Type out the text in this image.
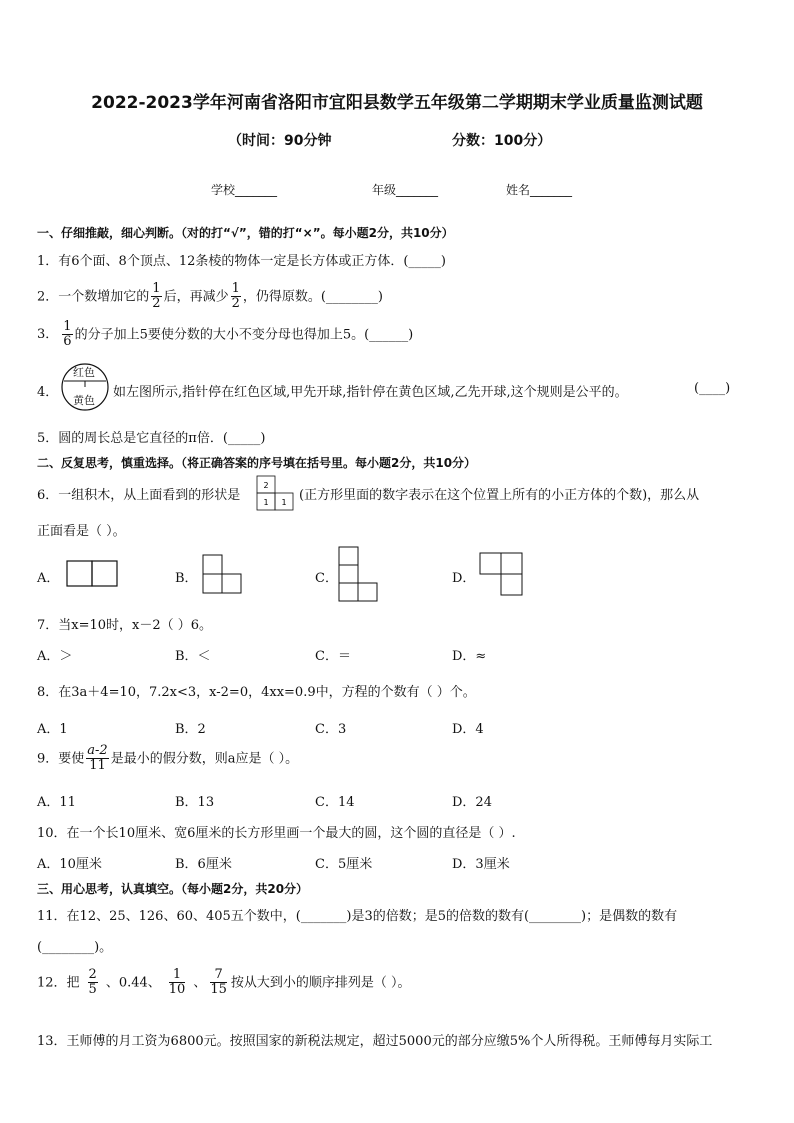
2022-2023学年河南省洛阳市宜阳县数学五年级第二学期期末学业质量监测试题
（时间：90分钟	分数：100分）
学校_______	年级_______	姓名_______
一、仔细推敲，细心判断。（对的打“√”，错的打“×”。每小题2分，共10分）
1．有6个面、8个顶点、12条棱的物体一定是长方体或正方体．(_____)
2．一个数增加它的 $\frac{1}{2}$ 后，再减少 $\frac{1}{2}$ ，仍得原数。(________)
3． $\frac{1}{6}$ 的分子加上5要使分数的大小不变分母也得加上5。(______)
4．
红色
黄色
如左图所示,指针停在红色区域,甲先开球,指针停在黄色区域,乙先开球,这个规则是公平的。	(____)
5．圆的周长总是它直径的π倍．(_____)
二、反复思考，慎重选择。（将正确答案的序号填在括号里。每小题2分，共10分）
6．一组积木，从上面看到的形状是
2
1 1 (正方形里面的数字表示在这个位置上所有的小正方体的个数)，那么从
正面看是（ ）。
A．	B．	C．	D．
7．当x=10时，x－2（ ）6。
A．＞	B．＜	C．＝	D．≈
8．在3a＋4=10，7.2x<3，x-2=0，4xx=0.9中，方程的个数有（ ）个。
A．1	B．2	C．3	D．4
9．要使 $\frac{a-2}{11}$ 是最小的假分数，则a应是（ ）。
A．11	B．13	C．14	D．24
10．在一个长10厘米、宽6厘米的长方形里画一个最大的圆，这个圆的直径是（ ）.
A．10厘米	B．6厘米	C．5厘米	D．3厘米
三、用心思考，认真填空。（每小题2分，共20分）
11．在12、25、126、60、405五个数中，(_______)是3的倍数；是5的倍数的数有(________)；是偶数的数有
(________)。
12．把 $\frac{2}{5}$ 、0.44、 $\frac{1}{10}$ 、 $\frac{7}{15}$ 按从大到小的顺序排列是（ ）。
13．王师傅的月工资为6800元。按照国家的新税法规定，超过5000元的部分应缴5%个人所得税。王师傅每月实际工
